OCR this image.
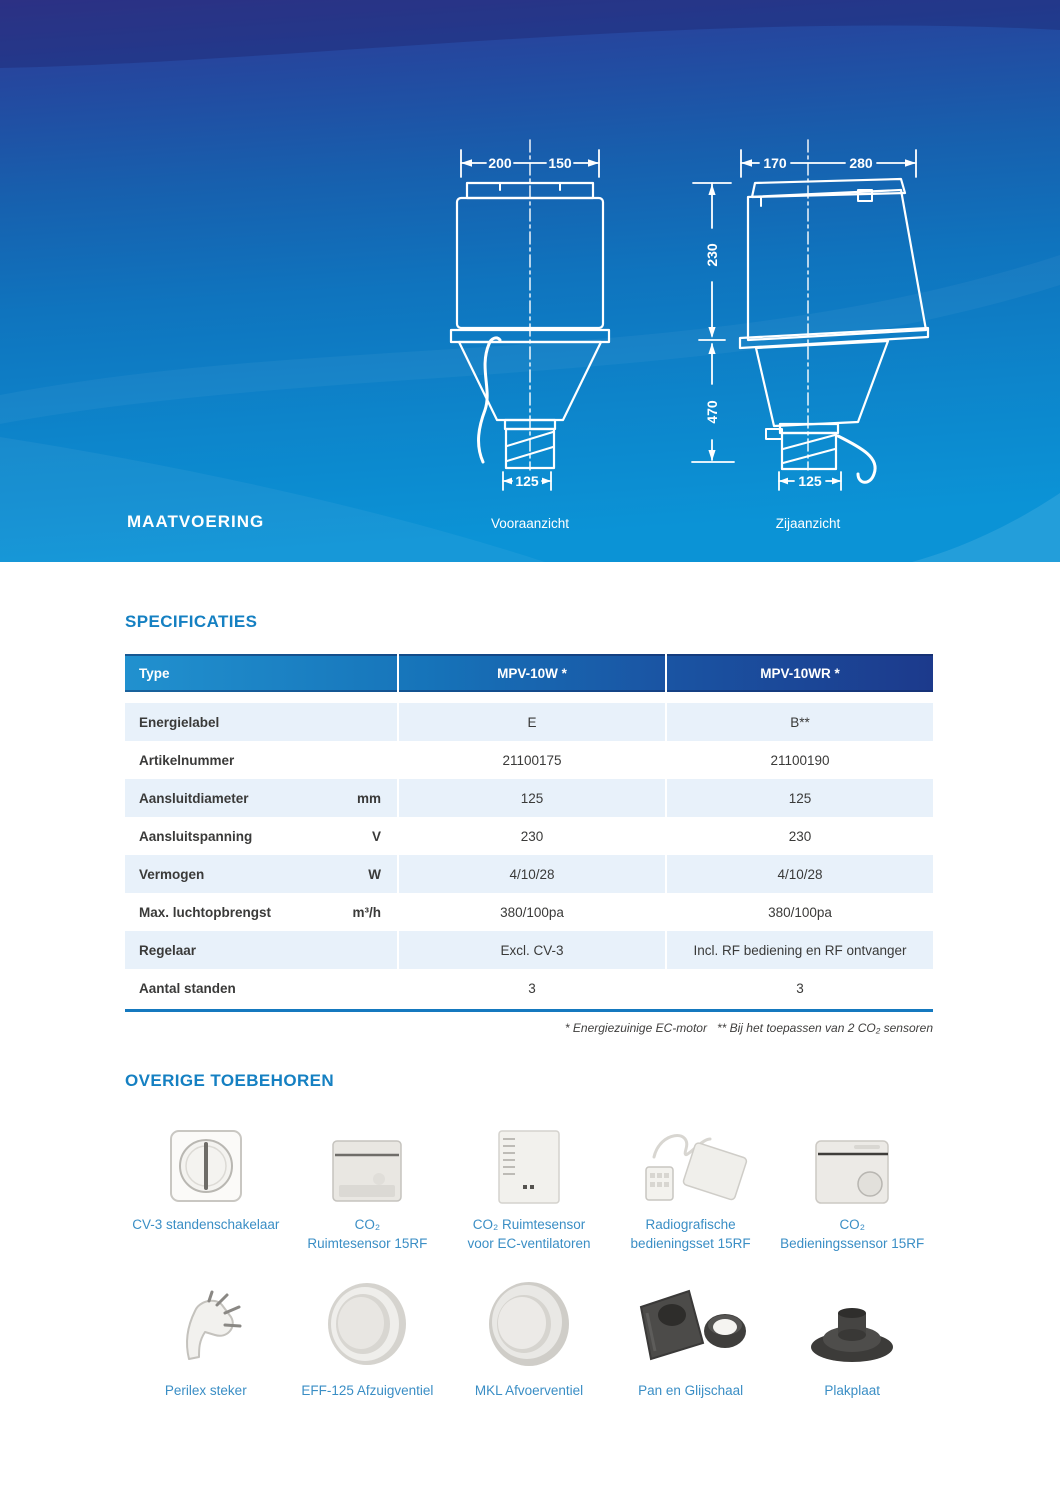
200	150
125
170	280
230
470
125
Vooraanzicht	Zijaanzicht
MAATVOERING
SPECIFICATIES
Type	MPV-10W *	MPV-10WR *
Energielabel	E	B**
Artikelnummer	21100175	21100190
Aansluitdiameter	mm	125	125
Aansluitspanning	V	230	230
Vermogen	W	4/10/28	4/10/28
Max. luchtopbrengst	m³/h	380/100pa	380/100pa
Regelaar	Excl. CV-3	Incl. RF bediening en RF ontvanger
Aantal standen	3	3
* Energiezuinige EC-motor   ** Bij het toepassen van 2 CO₂ sensoren
OVERIGE TOEBEHOREN
CV-3 standenschakelaar	CO₂
Ruimtesensor 15RF
CO₂ Ruimtesensor
voor EC-ventilatoren
Radiografische
bedieningsset 15RF
CO₂
Bedieningssensor 15RF
Perilex steker	EFF-125 Afzuigventiel	MKL Afvoerventiel	Pan en Glijschaal	Plakplaat
